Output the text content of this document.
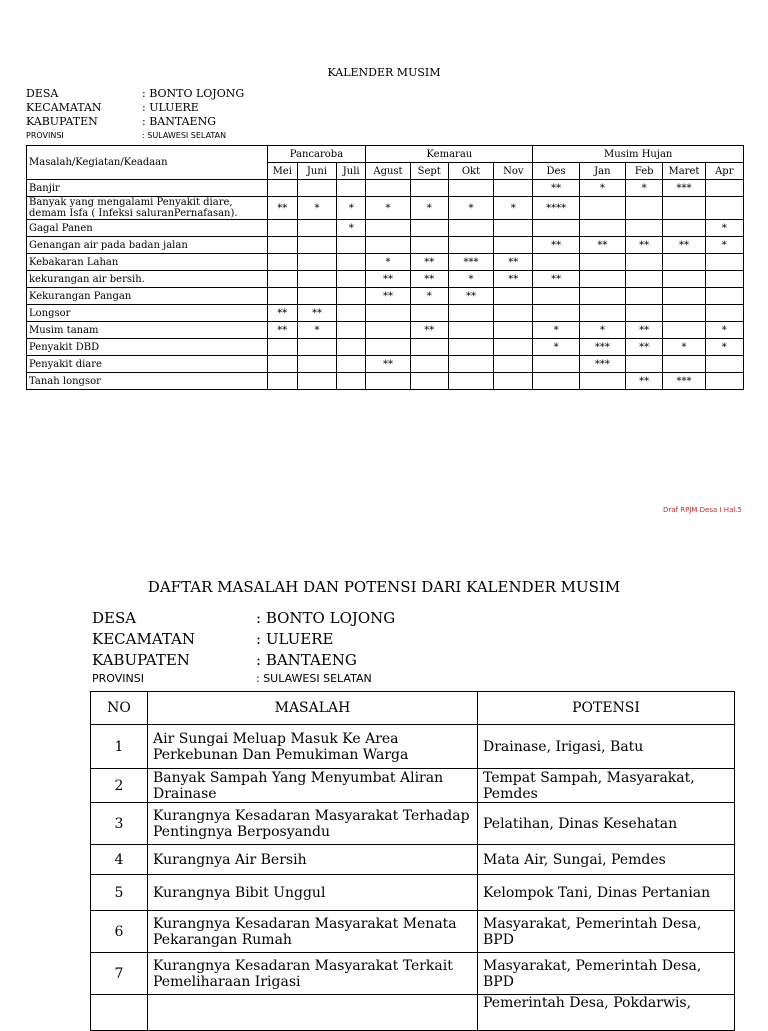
KALENDER MUSIM
DESA	: BONTO LOJONG
KECAMATAN	: ULUERE
KABUPATEN	: BANTAENG
PROVINSI	: SULAWESI SELATAN
Masalah/Kegiatan/Keadaan	Pancaroba			Kemarau				Musim Hujan				
	Mei	Juni	Juli	Agust	Sept	Okt	Nov	Des	Jan	Feb	Maret	Apr
Banjir								**	*	*	***	
Banyak yang mengalami Penyakit diare, demam Isfa ( Infeksi saluranPernafasan).	**	*	*	*	*	*	*	****				
Gagal Panen			*									*
Genangan air pada badan jalan								**	**	**	**	*
Kebakaran Lahan				*	**	***	**					
kekurangan air bersih.				**	**	*	**	**				
Kekurangan Pangan				**	*	**						
Longsor	**	**										
Musim tanam	**	*			**			*	*	**		*
Penyakit DBD								*	***	**	*	*
Penyakit diare				**					***			
Tanah longsor										**	***	
Draf RPJM Desa I Hal.5
DAFTAR MASALAH DAN POTENSI DARI KALENDER MUSIM
DESA	: BONTO LOJONG
KECAMATAN	: ULUERE
KABUPATEN	: BANTAENG
PROVINSI	: SULAWESI SELATAN
NO	MASALAH	POTENSI
1	Air Sungai Meluap Masuk Ke Area Perkebunan Dan Pemukiman Warga	Drainase, Irigasi, Batu
2	Banyak Sampah Yang Menyumbat Aliran Drainase	Tempat Sampah, Masyarakat, Pemdes
3	Kurangnya Kesadaran Masyarakat Terhadap Pentingnya Berposyandu	Pelatihan, Dinas Kesehatan
4	Kurangnya Air Bersih	Mata Air, Sungai, Pemdes
5	Kurangnya Bibit Unggul	Kelompok Tani, Dinas Pertanian
6	Kurangnya Kesadaran Masyarakat Menata Pekarangan Rumah	Masyarakat, Pemerintah Desa, BPD
7	Kurangnya Kesadaran Masyarakat Terkait Pemeliharaan Irigasi	Masyarakat, Pemerintah Desa, BPD
		Pemerintah Desa, Pokdarwis,
